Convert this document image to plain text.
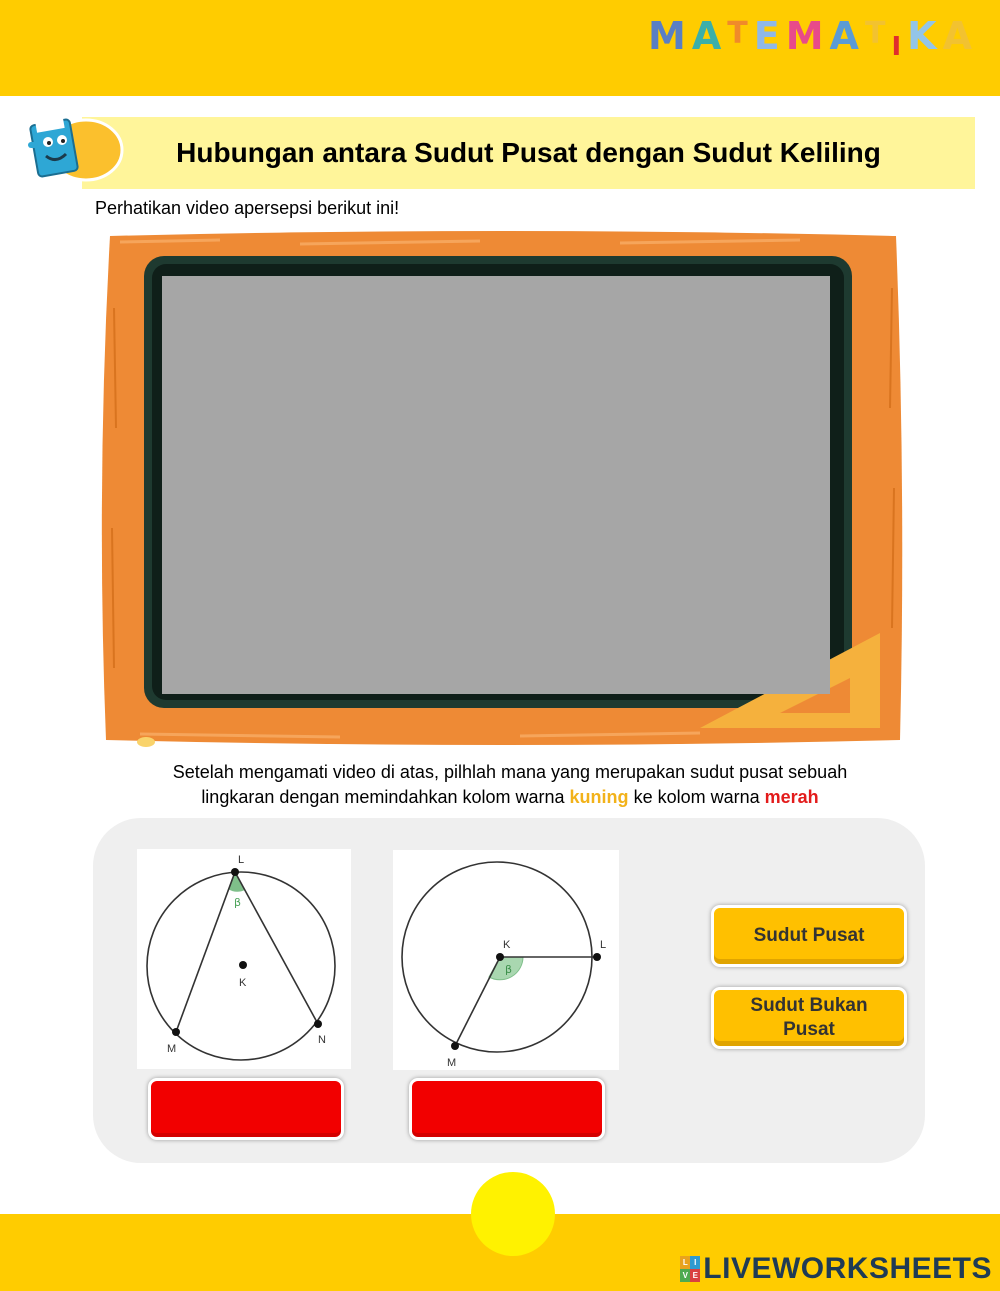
MATEMATIKA
Hubungan antara Sudut Pusat dengan Sudut Keliling
Perhatikan video apersepsi berikut ini!
Setelah mengamati video di atas, pilhlah mana yang merupakan sudut pusat sebuah
lingkaran dengan memindahkan kolom warna kuning ke kolom warna merah
L
K
M
N
β
K	L
M
β
Sudut Pusat
Sudut Bukan Pusat
L I
V E LIVEWORKSHEETS
